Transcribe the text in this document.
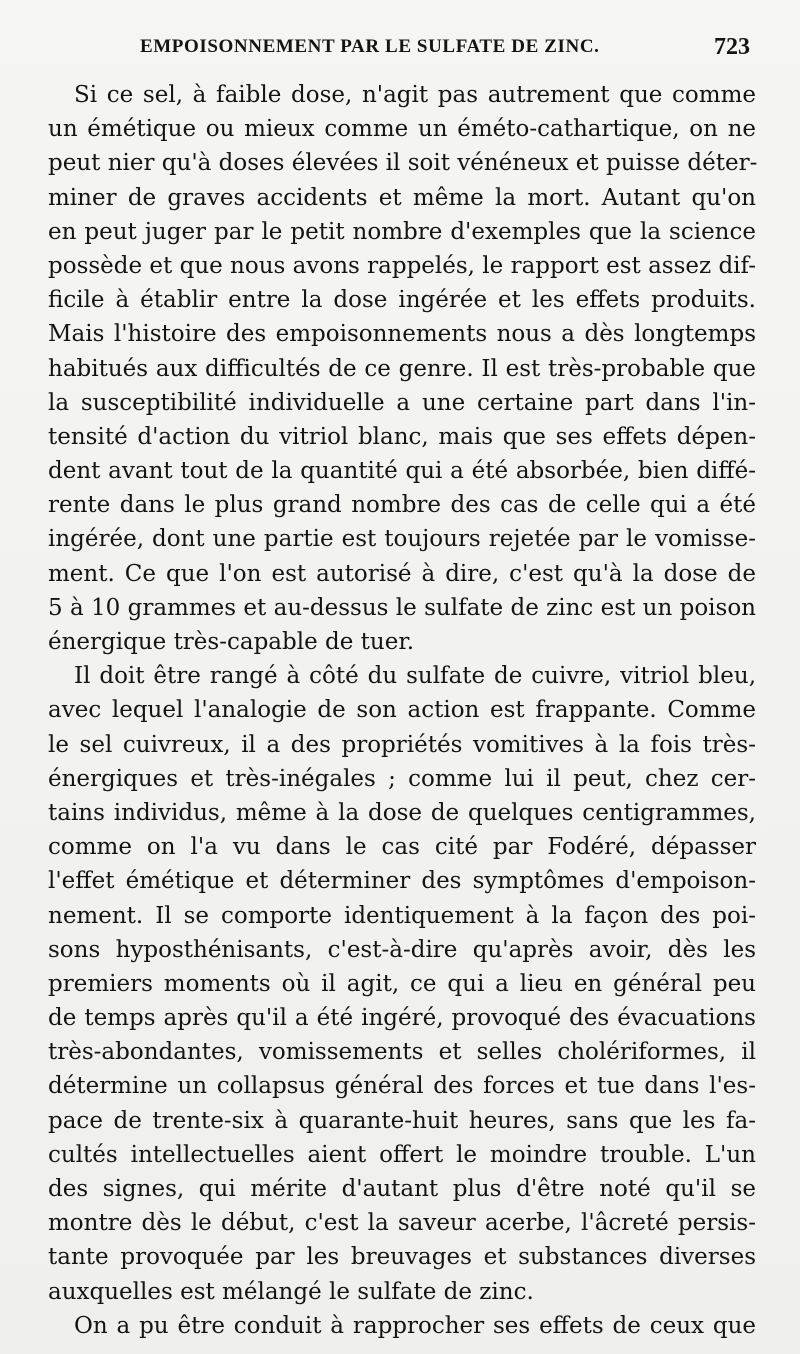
EMPOISONNEMENT PAR LE SULFATE DE ZINC.	723
Si ce sel, à faible dose, n'agit pas autrement que comme
un émétique ou mieux comme un éméto-cathartique, on ne
peut nier qu'à doses élevées il soit vénéneux et puisse déter-
miner de graves accidents et même la mort. Autant qu'on
en peut juger par le petit nombre d'exemples que la science
possède et que nous avons rappelés, le rapport est assez dif-
ficile à établir entre la dose ingérée et les effets produits.
Mais l'histoire des empoisonnements nous a dès longtemps
habitués aux difficultés de ce genre. Il est très-probable que
la susceptibilité individuelle a une certaine part dans l'in-
tensité d'action du vitriol blanc, mais que ses effets dépen-
dent avant tout de la quantité qui a été absorbée, bien diffé-
rente dans le plus grand nombre des cas de celle qui a été
ingérée, dont une partie est toujours rejetée par le vomisse-
ment. Ce que l'on est autorisé à dire, c'est qu'à la dose de
5 à 10 grammes et au-dessus le sulfate de zinc est un poison
énergique très-capable de tuer.
Il doit être rangé à côté du sulfate de cuivre, vitriol bleu,
avec lequel l'analogie de son action est frappante. Comme
le sel cuivreux, il a des propriétés vomitives à la fois très-
énergiques et très-inégales ; comme lui il peut, chez cer-
tains individus, même à la dose de quelques centigrammes,
comme on l'a vu dans le cas cité par Fodéré, dépasser
l'effet émétique et déterminer des symptômes d'empoison-
nement. Il se comporte identiquement à la façon des poi-
sons hyposthénisants, c'est-à-dire qu'après avoir, dès les
premiers moments où il agit, ce qui a lieu en général peu
de temps après qu'il a été ingéré, provoqué des évacuations
très-abondantes, vomissements et selles cholériformes, il
détermine un collapsus général des forces et tue dans l'es-
pace de trente-six à quarante-huit heures, sans que les fa-
cultés intellectuelles aient offert le moindre trouble. L'un
des signes, qui mérite d'autant plus d'être noté qu'il se
montre dès le début, c'est la saveur acerbe, l'âcreté persis-
tante provoquée par les breuvages et substances diverses
auxquelles est mélangé le sulfate de zinc.
On a pu être conduit à rapprocher ses effets de ceux que
